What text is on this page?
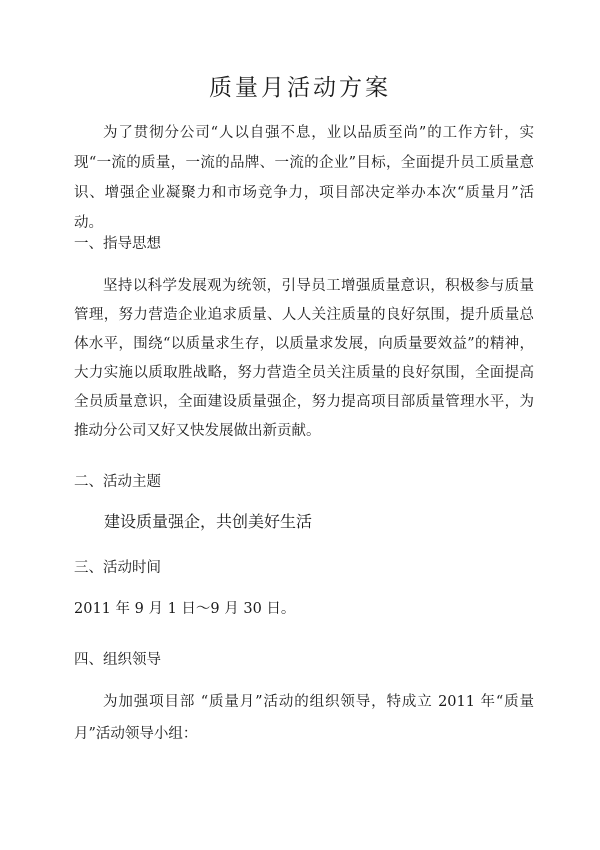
质量月活动方案

为了贯彻分公司“人以自强不息，业以品质至尚”的工作方针，实现“一流的质量，一流的品牌、一流的企业”目标，全面提升员工质量意识、增强企业凝聚力和市场竞争力，项目部决定举办本次“质量月”活动。

一、指导思想

坚持以科学发展观为统领，引导员工增强质量意识，积极参与质量管理，努力营造企业追求质量、人人关注质量的良好氛围，提升质量总体水平，围绕“以质量求生存，以质量求发展，向质量要效益”的精神，大力实施以质取胜战略，努力营造全员关注质量的良好氛围，全面提高全员质量意识，全面建设质量强企，努力提高项目部质量管理水平，为推动分公司又好又快发展做出新贡献。

二、活动主题

建设质量强企，共创美好生活

三、活动时间

2011 年 9 月 1 日～9 月 30 日。

四、组织领导

为加强项目部 “质量月”活动的组织领导，特成立 2011 年“质量月”活动领导小组：
